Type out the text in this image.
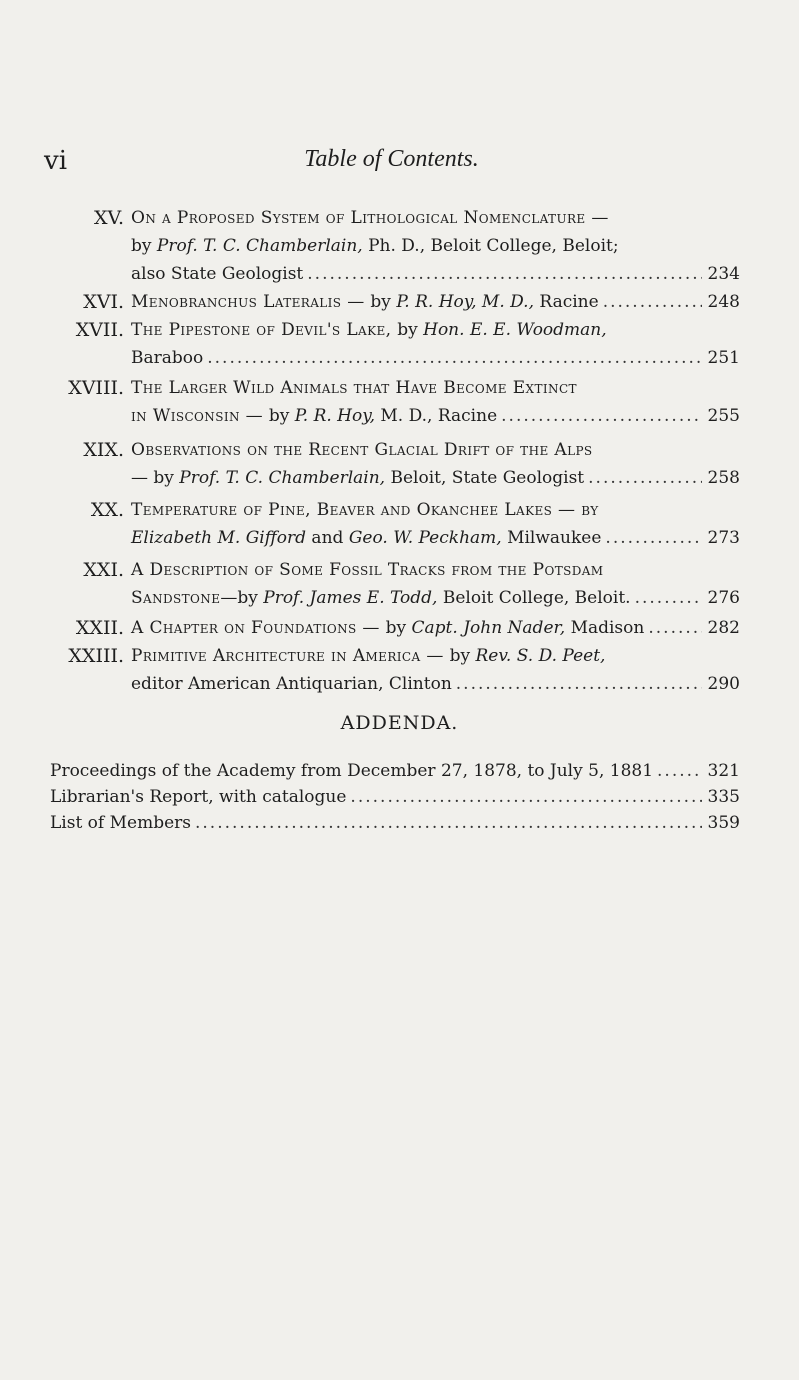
vi	Table of Contents.
XV. On a Proposed System of Lithological Nomenclature —
by Prof. T. C. Chamberlain, Ph. D., Beloit College, Beloit;
also State Geologist .....	234
XVI. Menobranchus Lateralis — by P. R. Hoy, M. D., Racine .....	248
XVII. The Pipestone of Devil's Lake, by Hon. E. E. Woodman,
Baraboo .....	251
XVIII. The Larger Wild Animals that Have Become Extinct
in Wisconsin — by P. R. Hoy, M. D., Racine .....	255
XIX. Observations on the Recent Glacial Drift of the Alps
— by Prof. T. C. Chamberlain, Beloit, State Geologist .....	258
XX. Temperature of Pine, Beaver and Okanchee Lakes — by
Elizabeth M. Gifford and Geo. W. Peckham, Milwaukee .....	273
XXI. A Description of Some Fossil Tracks from the Potsdam
Sandstone—by Prof. James E. Todd, Beloit College, Beloit. .....	276
XXII. A Chapter on Foundations — by Capt. John Nader, Madison .....	282
XXIII. Primitive Architecture in America — by Rev. S. D. Peet,
editor American Antiquarian, Clinton .....	290
ADDENDA.
Proceedings of the Academy from December 27, 1878, to July 5, 1881 .....	321
Librarian's Report, with catalogue .....	335
List of Members .....	359
